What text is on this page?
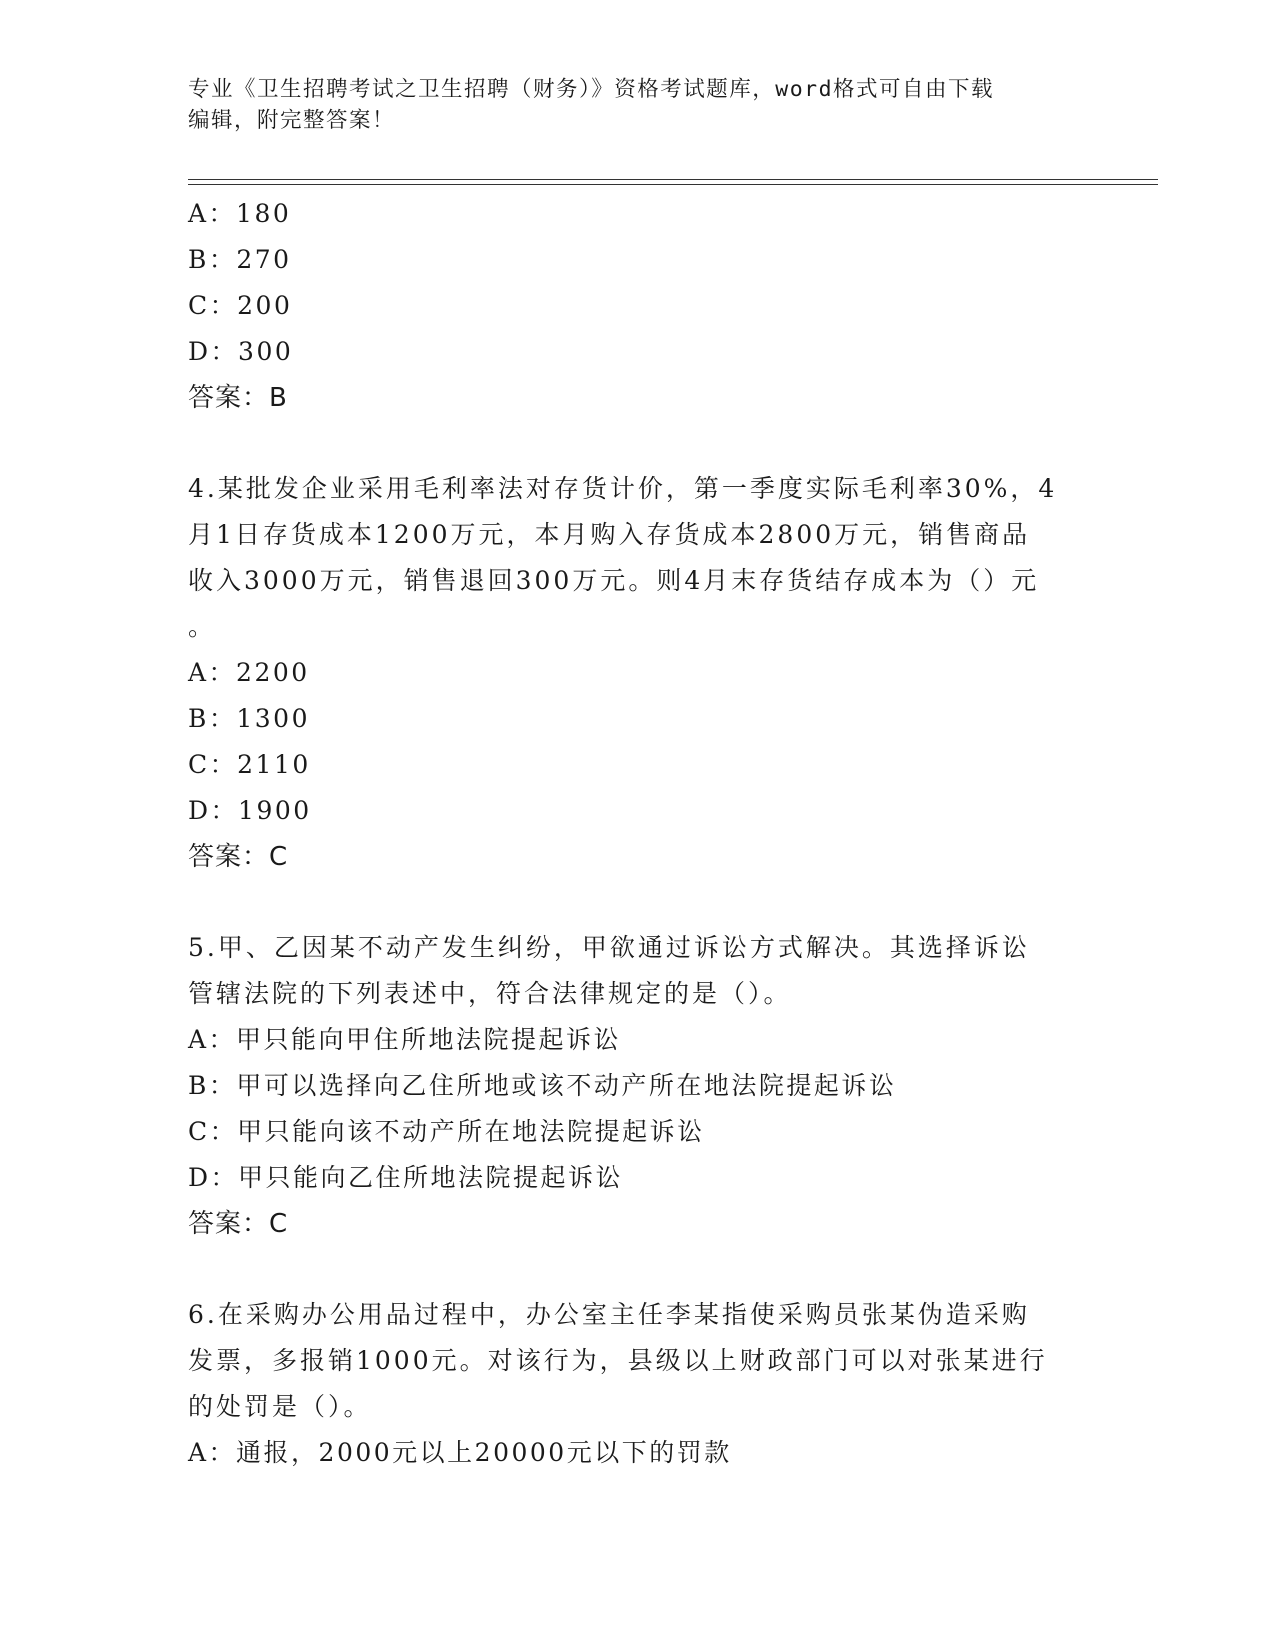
专业《卫生招聘考试之卫生招聘（财务）》资格考试题库，word格式可自由下载
编辑，附完整答案！
A：180
B：270
C：200
D：300
答案：B
4.某批发企业采用毛利率法对存货计价，第一季度实际毛利率30%，4
月1日存货成本1200万元，本月购入存货成本2800万元，销售商品
收入3000万元，销售退回300万元。则4月末存货结存成本为（）元
。
A：2200
B：1300
C：2110
D：1900
答案：C
5.甲、乙因某不动产发生纠纷，甲欲通过诉讼方式解决。其选择诉讼
管辖法院的下列表述中，符合法律规定的是（）。
A：甲只能向甲住所地法院提起诉讼
B：甲可以选择向乙住所地或该不动产所在地法院提起诉讼
C：甲只能向该不动产所在地法院提起诉讼
D：甲只能向乙住所地法院提起诉讼
答案：C
6.在采购办公用品过程中，办公室主任李某指使采购员张某伪造采购
发票，多报销1000元。对该行为，县级以上财政部门可以对张某进行
的处罚是（）。
A：通报，2000元以上20000元以下的罚款
